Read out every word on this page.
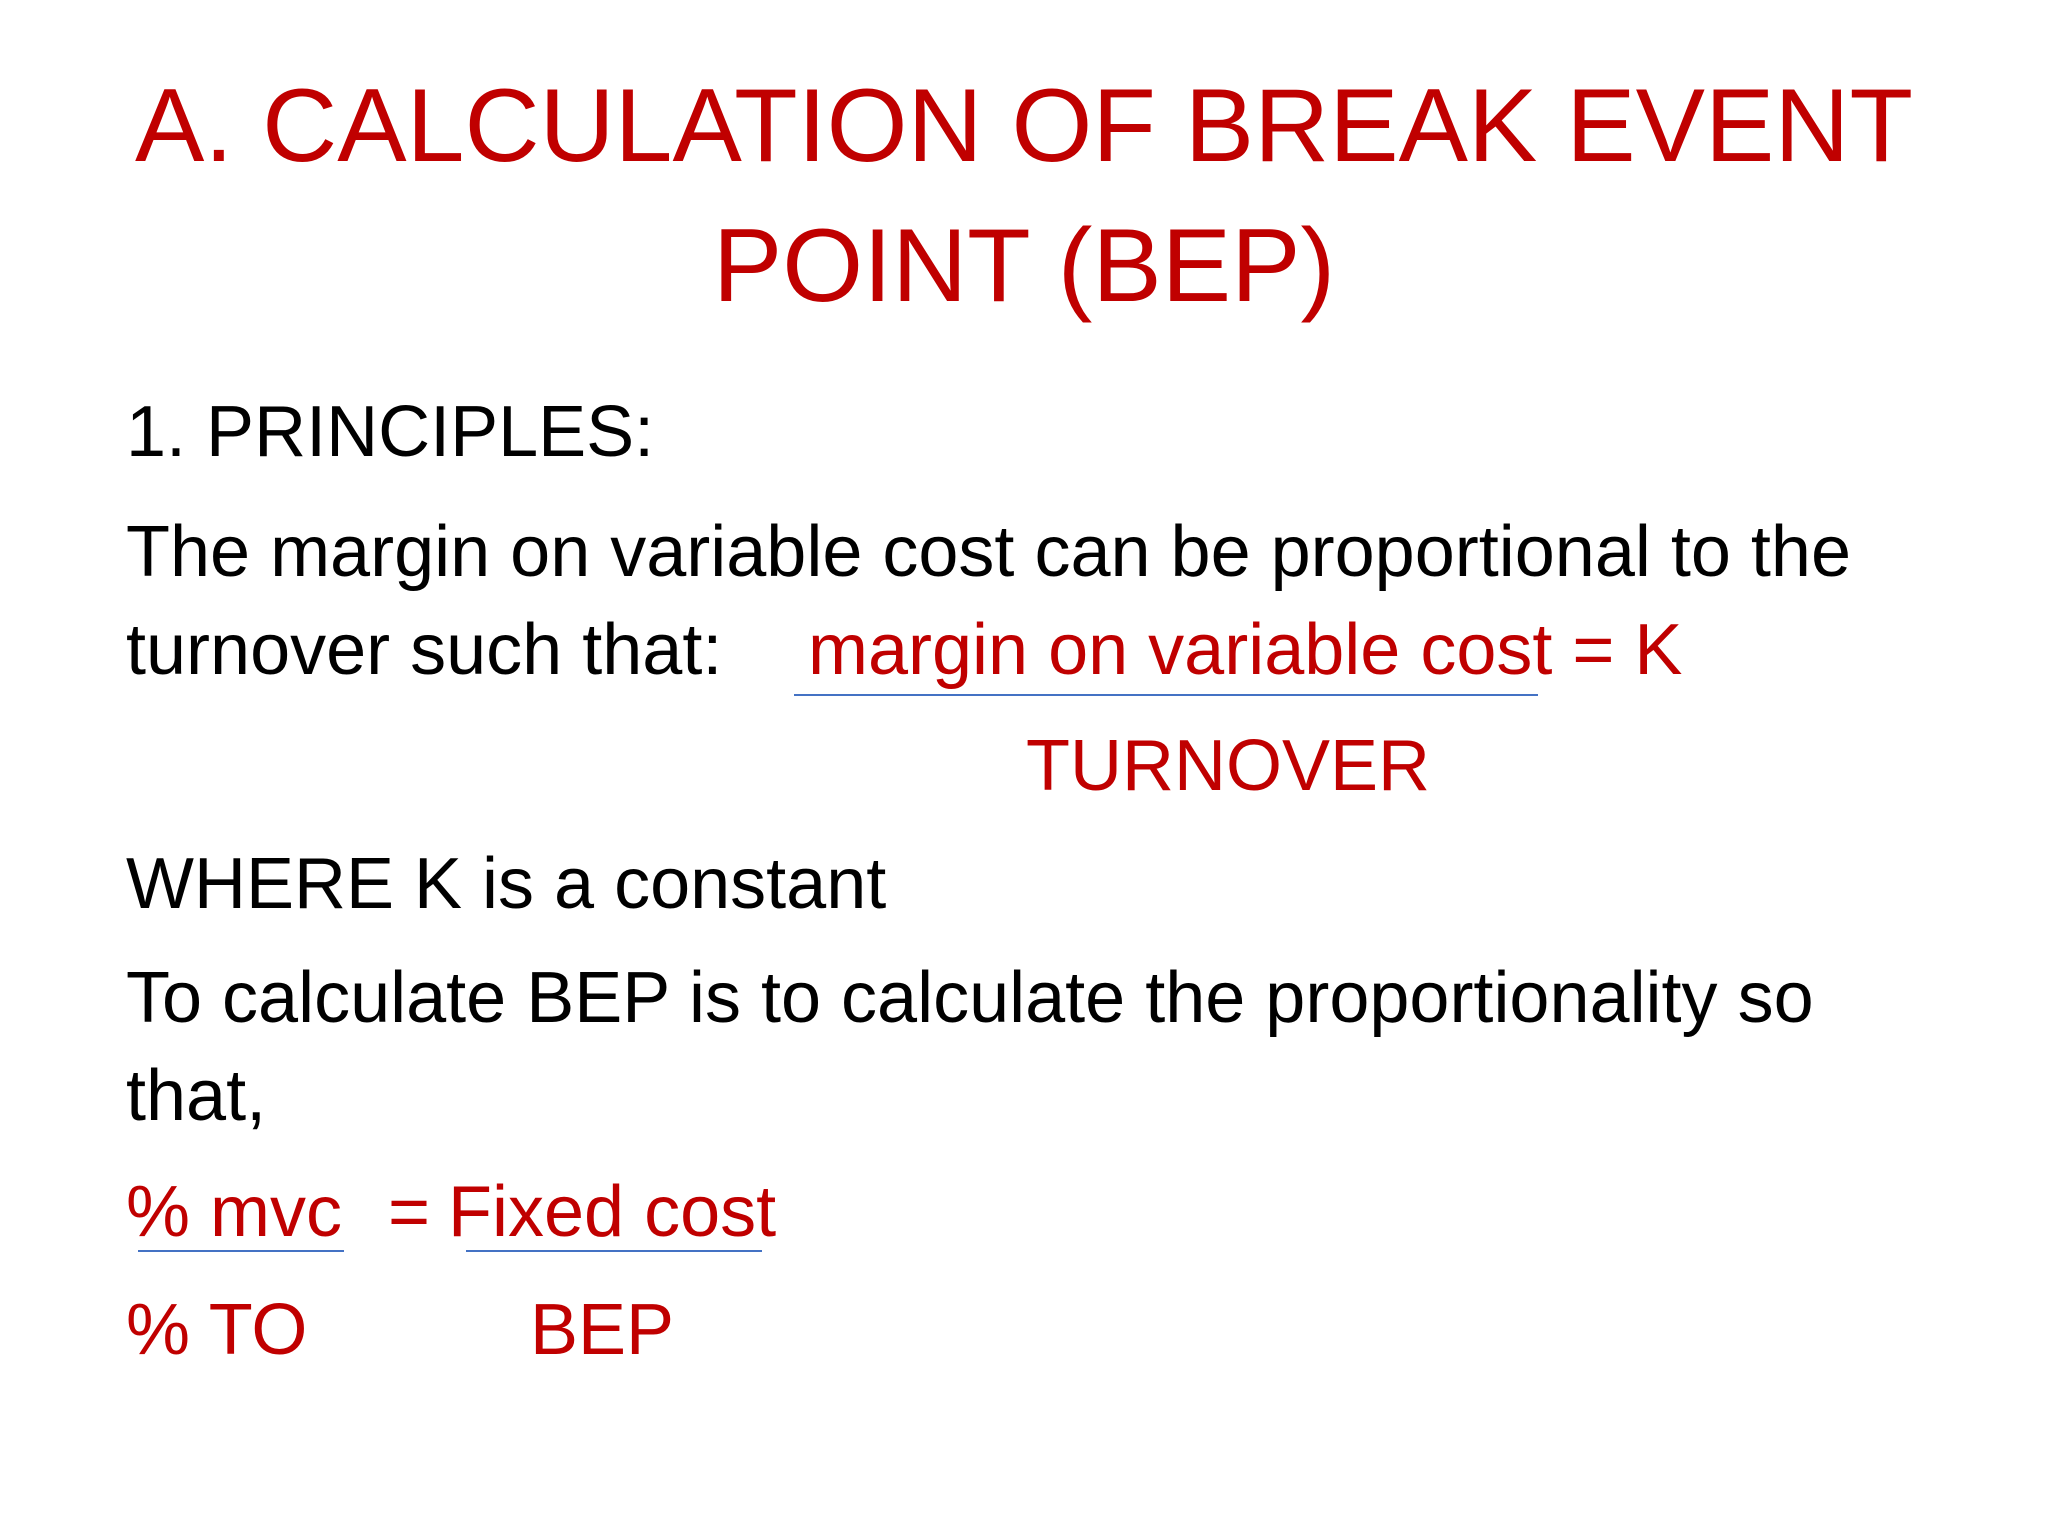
A. CALCULATION OF BREAK EVENT
POINT (BEP)
1. PRINCIPLES:
The margin on variable cost can be proportional to the
turnover such that: margin on variable cost = K
TURNOVER
WHERE K is a constant
To calculate BEP is to calculate the proportionality so
that,
% mvc = Fixed cost
% TO	BEP
